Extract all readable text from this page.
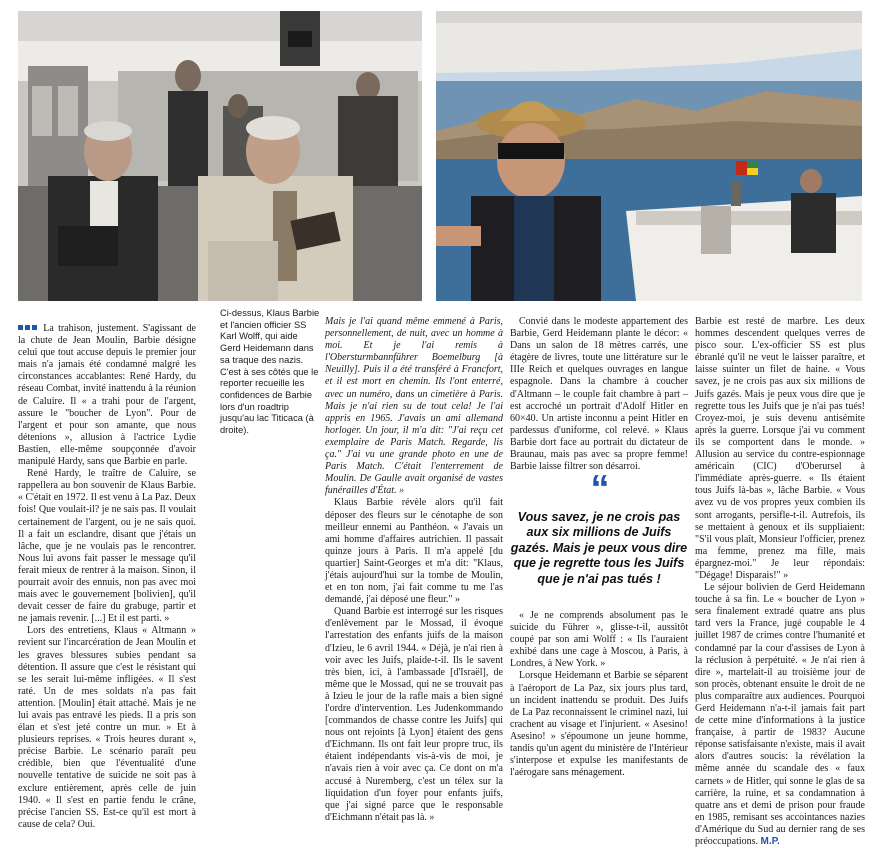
Ci-dessus, Klaus Barbie et l'ancien officier SS Karl Wolff, qui aide Gerd Heidemann dans sa traque des nazis. C'est à ses côtés que le reporter recueille les confidences de Barbie lors d'un roadtrip jusqu'au lac Titicaca (à droite).

La trahison, justement. S'agissant de la chute de Jean Moulin, Barbie désigne celui que tout accuse depuis le premier jour mais n'a jamais été condamné malgré les circonstances accablantes: René Hardy, du réseau Combat, invité inattendu à la réunion de Caluire. Il « a trahi pour de l'argent, assure le "boucher de Lyon". Pour de l'argent et pour son amante, que nous détenions », allusion à l'actrice Lydie Bastien, elle-même soupçonnée d'avoir manipulé Hardy, sans que Barbie en parle.

René Hardy, le traître de Caluire, se rappellera au bon souvenir de Klaus Barbie. « C'était en 1972. Il est venu à La Paz. Deux fois! Que voulait-il? je ne sais pas. Il voulait certainement de l'argent, ou je ne sais quoi. Il a fait un esclandre, disant que j'étais un lâche, que je ne voulais pas le rencontrer. Nous lui avons fait passer le message qu'il ferait mieux de rentrer à la maison. Sinon, il pourrait avoir des ennuis, non pas avec moi mais avec le gouvernement [bolivien], qu'il devait cesser de faire du grabuge, partir et ne jamais revenir. [...] Et il est parti. »

Lors des entretiens, Klaus « Altmann » revient sur l'incarcération de Jean Moulin et les graves blessures subies pendant sa détention. Il assure que c'est le résistant qui se les serait lui-même infligées. « Il s'est raté. Un de mes soldats n'a pas fait attention. [Moulin] était attaché. Mais je ne lui avais pas entravé les pieds. Il a pris son élan et s'est jeté contre un mur. » Et à plusieurs reprises. « Trois heures durant », précise Barbie. Le scénario paraît peu crédible, bien que l'éventualité d'une nouvelle tentative de suicide ne soit pas à exclure entièrement, après celle de juin 1940. « Il s'est en partie fendu le crâne, précise l'ancien SS. Est-ce qu'il est mort à cause de cela? Oui.

Mais je l'ai quand même emmené à Paris, personnellement, de nuit, avec un homme à moi. Et je l'ai remis à l'Obersturmbannführer Boemelburg [à Neuilly]. Puis il a été transféré à Francfort, et il est mort en chemin. Ils l'ont enterré, avec un numéro, dans un cimetière à Paris. Mais je n'ai rien su de tout cela! Je l'ai appris en 1965. J'avais un ami allemand horloger. Un jour, il m'a dit: "J'ai reçu cet exemplaire de Paris Match. Regarde, lis ça." J'ai vu une grande photo en une de Paris Match. C'était l'enterrement de Moulin. De Gaulle avait organisé de vastes funérailles d'État. »

Klaus Barbie révèle alors qu'il fait déposer des fleurs sur le cénotaphe de son meilleur ennemi au Panthéon. « J'avais un ami homme d'affaires autrichien. Il passait quinze jours à Paris. Il m'a appelé [du quartier] Saint-Georges et m'a dit: "Klaus, j'étais aujourd'hui sur la tombe de Moulin, et en ton nom, j'ai fait comme tu me l'as demandé, j'ai déposé une fleur." »

Quand Barbie est interrogé sur les risques d'enlèvement par le Mossad, il évoque l'arrestation des enfants juifs de la maison d'Izieu, le 6 avril 1944. « Déjà, je n'ai rien à voir avec les Juifs, plaide-t-il. Ils le savent très bien, ici, à l'ambassade [d'Israël], de même que le Mossad, qui ne se trouvait pas à Izieu le jour de la rafle mais a bien signé l'ordre d'intervention. Les Judenkommando [commandos de chasse contre les Juifs] qui nous ont rejoints [à Lyon] étaient des gens d'Eichmann. Ils ont fait leur propre truc, ils étaient indépendants vis-à-vis de moi, je n'avais rien à voir avec ça. Ce dont on m'a accusé à Nuremberg, c'est un télex sur la liquidation d'un foyer pour enfants juifs, que j'ai signé parce que le responsable d'Eichmann n'était pas là. »

Convié dans le modeste appartement des Barbie, Gerd Heidemann plante le décor: « Dans un salon de 18 mètres carrés, une étagère de livres, toute une littérature sur le IIIe Reich et quelques ouvrages en langue espagnole. Dans la chambre à coucher d'Altmann – le couple fait chambre à part – est accroché un portrait d'Adolf Hitler en 60×40. Un artiste inconnu a peint Hitler en pardessus d'uniforme, col relevé. » Klaus Barbie dort face au portrait du dictateur de Braunau, mais pas avec sa propre femme! Barbie laisse filtrer son désarroi.

“
Vous savez, je ne crois pas aux six millions de Juifs gazés. Mais je peux vous dire que je regrette tous les Juifs que je n'ai pas tués !

« Je ne comprends absolument pas le suicide du Führer », glisse-t-il, aussitôt coupé par son ami Wolff : « Ils l'auraient exhibé dans une cage à Moscou, à Paris, à Londres, à New York. »

Lorsque Heidemann et Barbie se séparent à l'aéroport de La Paz, six jours plus tard, un incident inattendu se produit. Des Juifs de La Paz reconnaissent le criminel nazi, lui crachent au visage et l'injurient. « Asesino! Asesino! » s'époumone un jeune homme, tandis qu'un agent du ministère de l'Intérieur s'interpose et expulse les manifestants de l'aérogare sans ménagement.

Barbie est resté de marbre. Les deux hommes descendent quelques verres de pisco sour. L'ex-officier SS est plus ébranlé qu'il ne veut le laisser paraître, et laisse suinter un filet de haine. « Vous savez, je ne crois pas aux six millions de Juifs gazés. Mais je peux vous dire que je regrette tous les Juifs que je n'ai pas tués! Croyez-moi, je suis devenu antisémite après la guerre. Lorsque j'ai vu comment ils se comportent dans le monde. » Allusion au service du contre-espionnage américain (CIC) d'Oberursel à l'immédiate après-guerre. « Ils étaient tous Juifs là-bas », lâche Barbie. « Vous avez vu de vos propres yeux combien ils sont arrogants, persifle-t-il. Autrefois, ils se mettaient à genoux et ils suppliaient: "S'il vous plaît, Monsieur l'officier, prenez ma femme, prenez ma fille, mais épargnez-moi." Je leur répondais: "Dégage! Disparais!" »

Le séjour bolivien de Gerd Heidemann touche à sa fin. Le « boucher de Lyon » sera finalement extradé quatre ans plus tard vers la France, jugé coupable le 4 juillet 1987 de crimes contre l'humanité et condamné par la cour d'assises de Lyon à la réclusion à perpétuité. « Je n'ai rien à dire », martelait-il au troisième jour de son procès, obtenant ensuite le droit de ne plus comparaître aux audiences. Pourquoi Gerd Heidemann n'a-t-il jamais fait part de cette mine d'informations à la justice française, à partir de 1983? Aucune réponse satisfaisante n'existe, mais il avait alors d'autres soucis: la révélation la même année du scandale des « faux carnets » de Hitler, qui sonne le glas de sa carrière, la ruine, et sa condamnation à quatre ans et demi de prison pour fraude en 1985, remisant ses accointances nazies d'Amérique du Sud au dernier rang de ses préoccupations. M.P.
